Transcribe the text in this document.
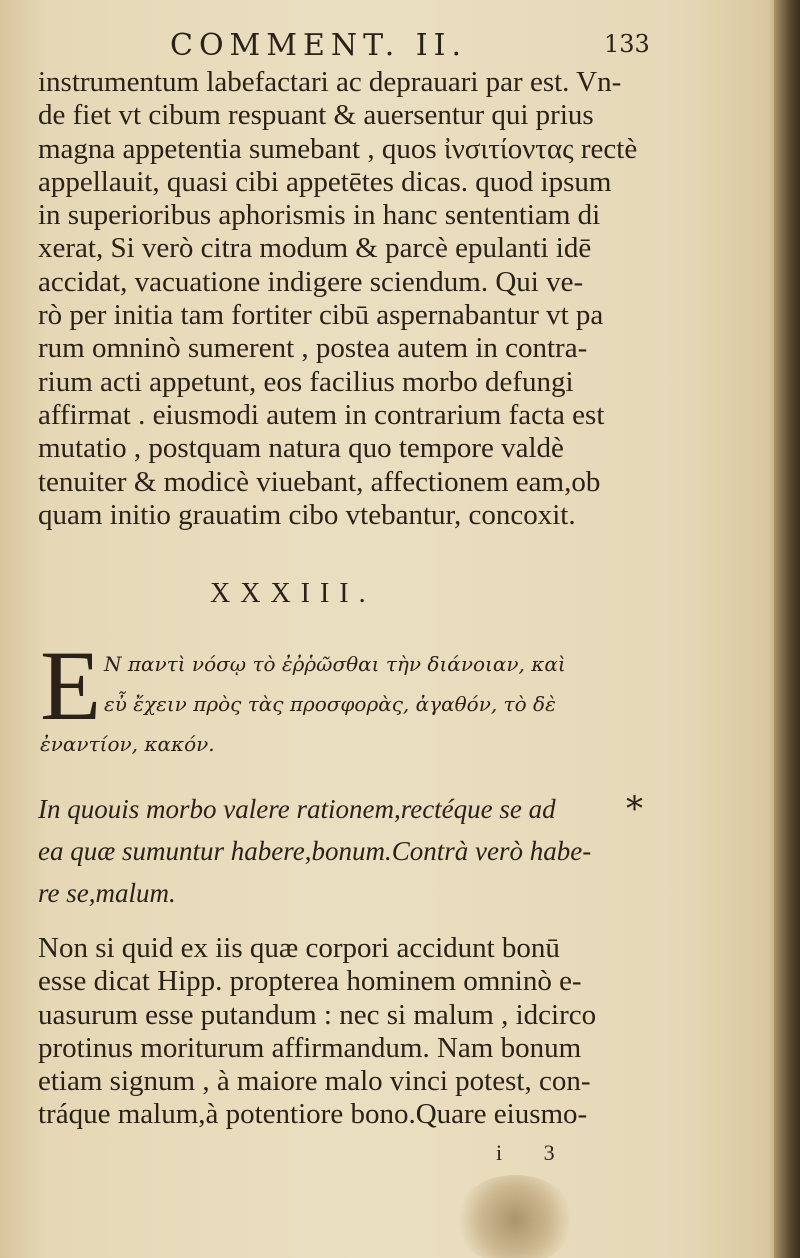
COMMENT. II.	133
instrumentum labefactari ac deprauari par est. Vn-
de fiet vt cibum respuant & auersentur qui prius
magna appetentia sumebant , quos ἰνσιτίοντας rectè
appellauit, quasi cibi appetētes dicas. quod ipsum
in superioribus aphorismis in hanc sententiam di
xerat, Si verò citra modum & parcè epulanti idē
accidat, vacuatione indigere sciendum. Qui ve-
rò per initia tam fortiter cibū aspernabantur vt pa
rum omninò sumerent , postea autem in contra-
rium acti appetunt, eos facilius morbo defungi
affirmat . eiusmodi autem in contrarium facta est
mutatio , postquam natura quo tempore valdè
tenuiter & modicè viuebant, affectionem eam,ob
quam initio grauatim cibo vtebantur, concoxit.
XXXIII.
E Ν παντὶ νόσῳ τὸ ἐῤῥῶσθαι τὴν διάνοιαν, καὶ
εὖ ἔχειν πρὸς τὰς προσφορὰς, ἀγαθόν, τὸ δὲ
ἐναντίον, κακόν.
In quouis morbo valere rationem,rectéque se ad
ea quæ sumuntur habere,bonum.Contrà verò habe-
re se,malum.
*
Non si quid ex iis quæ corpori accidunt bonū
esse dicat Hipp. propterea hominem omninò e-
uasurum esse putandum : nec si malum , idcirco
protinus moriturum affirmandum. Nam bonum
etiam signum , à maiore malo vinci potest, con-
tráque malum,à potentiore bono.Quare eiusmo-
i 3
